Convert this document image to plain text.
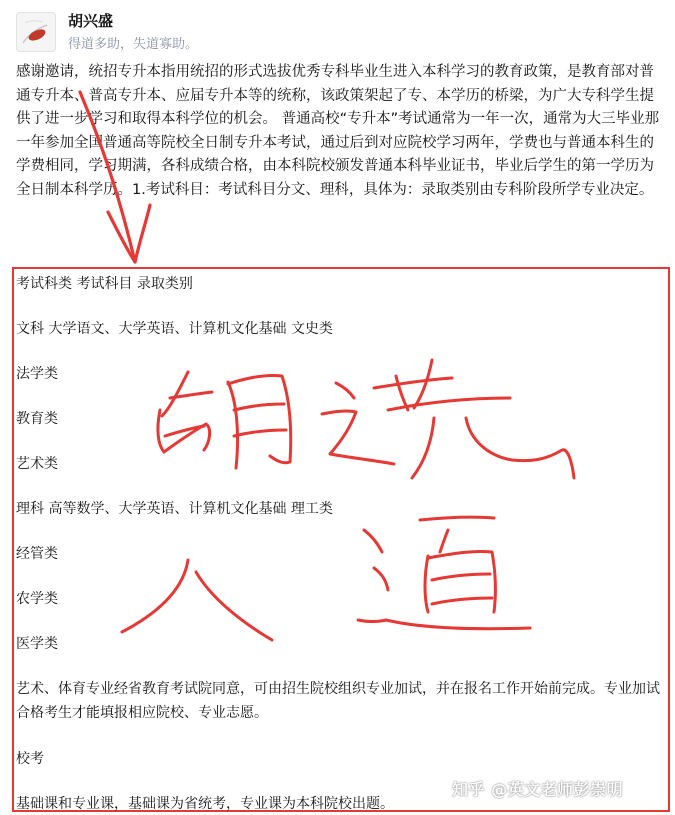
胡兴盛
得道多助，失道寡助。

感谢邀请，统招专升本指用统招的形式选拔优秀专科毕业生进入本科学习的教育政策，是教育部对普通专升本、普高专升本、应届专升本等的统称，该政策架起了专、本学历的桥梁，为广大专科学生提供了进一步学习和取得本科学位的机会。 普通高校“专升本”考试通常为一年一次，通常为大三毕业那一年参加全国普通高等院校全日制专升本考试，通过后到对应院校学习两年，学费也与普通本科生的学费相同，学习期满，各科成绩合格，由本科院校颁发普通本科毕业证书，毕业后学生的第一学历为全日制本科学历。1.考试科目：考试科目分文、理科，具体为：录取类别由专科阶段所学专业决定。

考试科类 考试科目 录取类别

文科 大学语文、大学英语、计算机文化基础 文史类

法学类

教育类

艺术类

理科 高等数学、大学英语、计算机文化基础 理工类

经管类

农学类

医学类

艺术、体育专业经省教育考试院同意，可由招生院校组织专业加试，并在报名工作开始前完成。专业加试合格考生才能填报相应院校、专业志愿。

校考

基础课和专业课，基础课为省统考，专业课为本科院校出题。

知乎 @英文老师彭崇明
